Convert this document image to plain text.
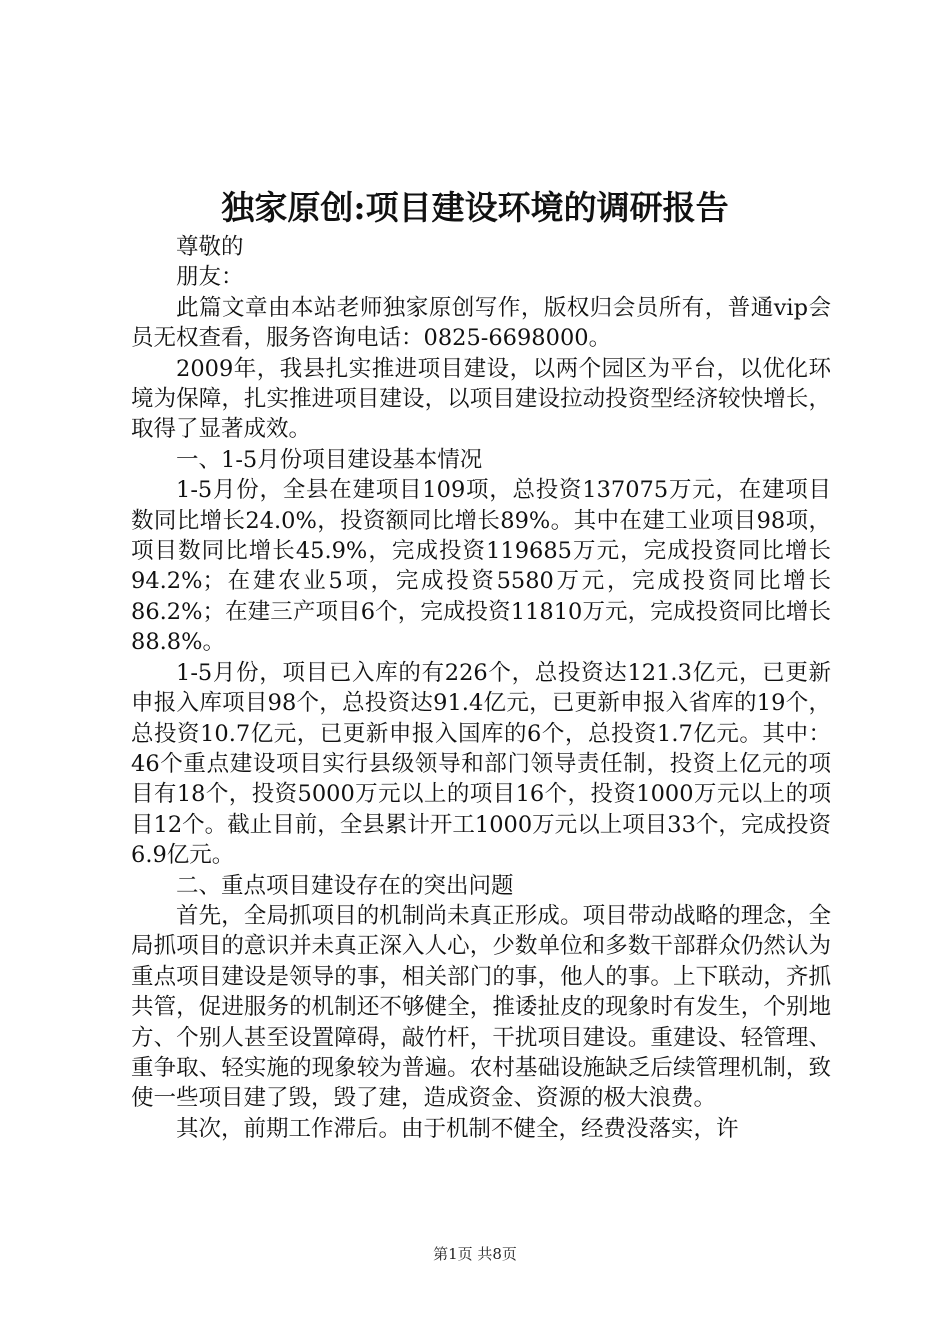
独家原创:项目建设环境的调研报告

尊敬的

朋友：

此篇文章由本站老师独家原创写作，版权归会员所有，普通vip会员无权查看，服务咨询电话：0825-6698000。

2009年，我县扎实推进项目建设，以两个园区为平台，以优化环境为保障，扎实推进项目建设，以项目建设拉动投资型经济较快增长，取得了显著成效。

一、1-5月份项目建设基本情况

1-5月份，全县在建项目109项，总投资137075万元，在建项目数同比增长24.0%，投资额同比增长89%。其中在建工业项目98项，项目数同比增长45.9%，完成投资119685万元，完成投资同比增长94.2%；在建农业5项，完成投资5580万元，完成投资同比增长86.2%；在建三产项目6个，完成投资11810万元，完成投资同比增长88.8%。

1-5月份，项目已入库的有226个，总投资达121.3亿元，已更新申报入库项目98个，总投资达91.4亿元，已更新申报入省库的19个，总投资10.7亿元，已更新申报入国库的6个，总投资1.7亿元。其中：46个重点建设项目实行县级领导和部门领导责任制，投资上亿元的项目有18个，投资5000万元以上的项目16个，投资1000万元以上的项目12个。截止目前，全县累计开工1000万元以上项目33个，完成投资6.9亿元。

二、重点项目建设存在的突出问题

首先，全局抓项目的机制尚未真正形成。项目带动战略的理念，全局抓项目的意识并未真正深入人心，少数单位和多数干部群众仍然认为重点项目建设是领导的事，相关部门的事，他人的事。上下联动，齐抓共管，促进服务的机制还不够健全，推诿扯皮的现象时有发生，个别地方、个别人甚至设置障碍，敲竹杆，干扰项目建设。重建设、轻管理、重争取、轻实施的现象较为普遍。农村基础设施缺乏后续管理机制，致使一些项目建了毁，毁了建，造成资金、资源的极大浪费。

其次，前期工作滞后。由于机制不健全，经费没落实，许

第1页 共8页
